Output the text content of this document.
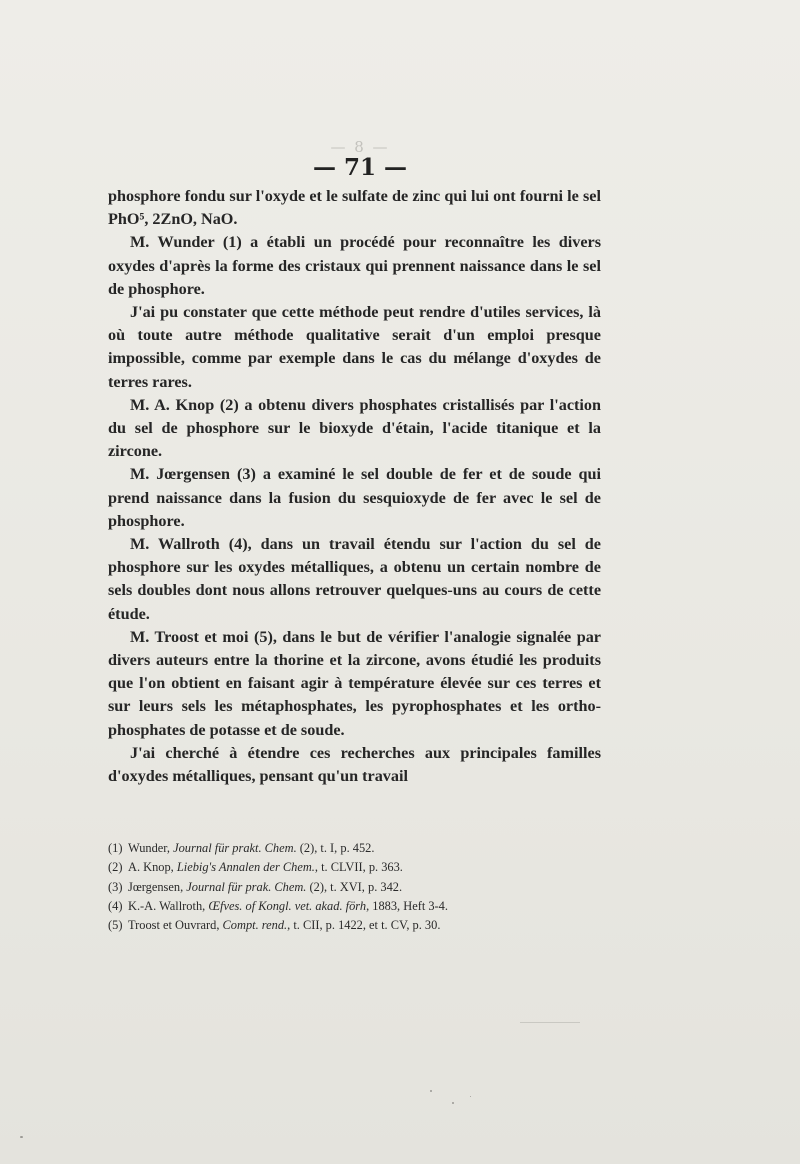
— 8 —
— 71 —

phosphore fondu sur l'oxyde et le sulfate de zinc qui lui ont fourni le sel PhO⁵, 2ZnO, NaO.

M. Wunder (1) a établi un procédé pour reconnaître les divers oxydes d'après la forme des cristaux qui prennent naissance dans le sel de phosphore.

J'ai pu constater que cette méthode peut rendre d'utiles services, là où toute autre méthode qualitative serait d'un emploi presque impossible, comme par exemple dans le cas du mélange d'oxydes de terres rares.

M. A. Knop (2) a obtenu divers phosphates cristallisés par l'action du sel de phosphore sur le bioxyde d'étain, l'acide titanique et la zircone.

M. Jœrgensen (3) a examiné le sel double de fer et de soude qui prend naissance dans la fusion du sesquioxyde de fer avec le sel de phosphore.

M. Wallroth (4), dans un travail étendu sur l'action du sel de phosphore sur les oxydes métalliques, a obtenu un certain nombre de sels doubles dont nous allons retrouver quelques-uns au cours de cette étude.

M. Troost et moi (5), dans le but de vérifier l'analogie signalée par divers auteurs entre la thorine et la zircone, avons étudié les produits que l'on obtient en faisant agir à température élevée sur ces terres et sur leurs sels les métaphosphates, les pyrophosphates et les ortho-phosphates de potasse et de soude.

J'ai cherché à étendre ces recherches aux principales familles d'oxydes métalliques, pensant qu'un travail

(1) Wunder, Journal für prakt. Chem. (2), t. I, p. 452.
(2) A. Knop, Liebig's Annalen der Chem., t. CLVII, p. 363.
(3) Jœrgensen, Journal für prak. Chem. (2), t. XVI, p. 342.
(4) K.-A. Wallroth, Œfves. of Kongl. vet. akad. förh, 1883, Heft 3-4.
(5) Troost et Ouvrard, Compt. rend., t. CII, p. 1422, et t. CV, p. 30.
